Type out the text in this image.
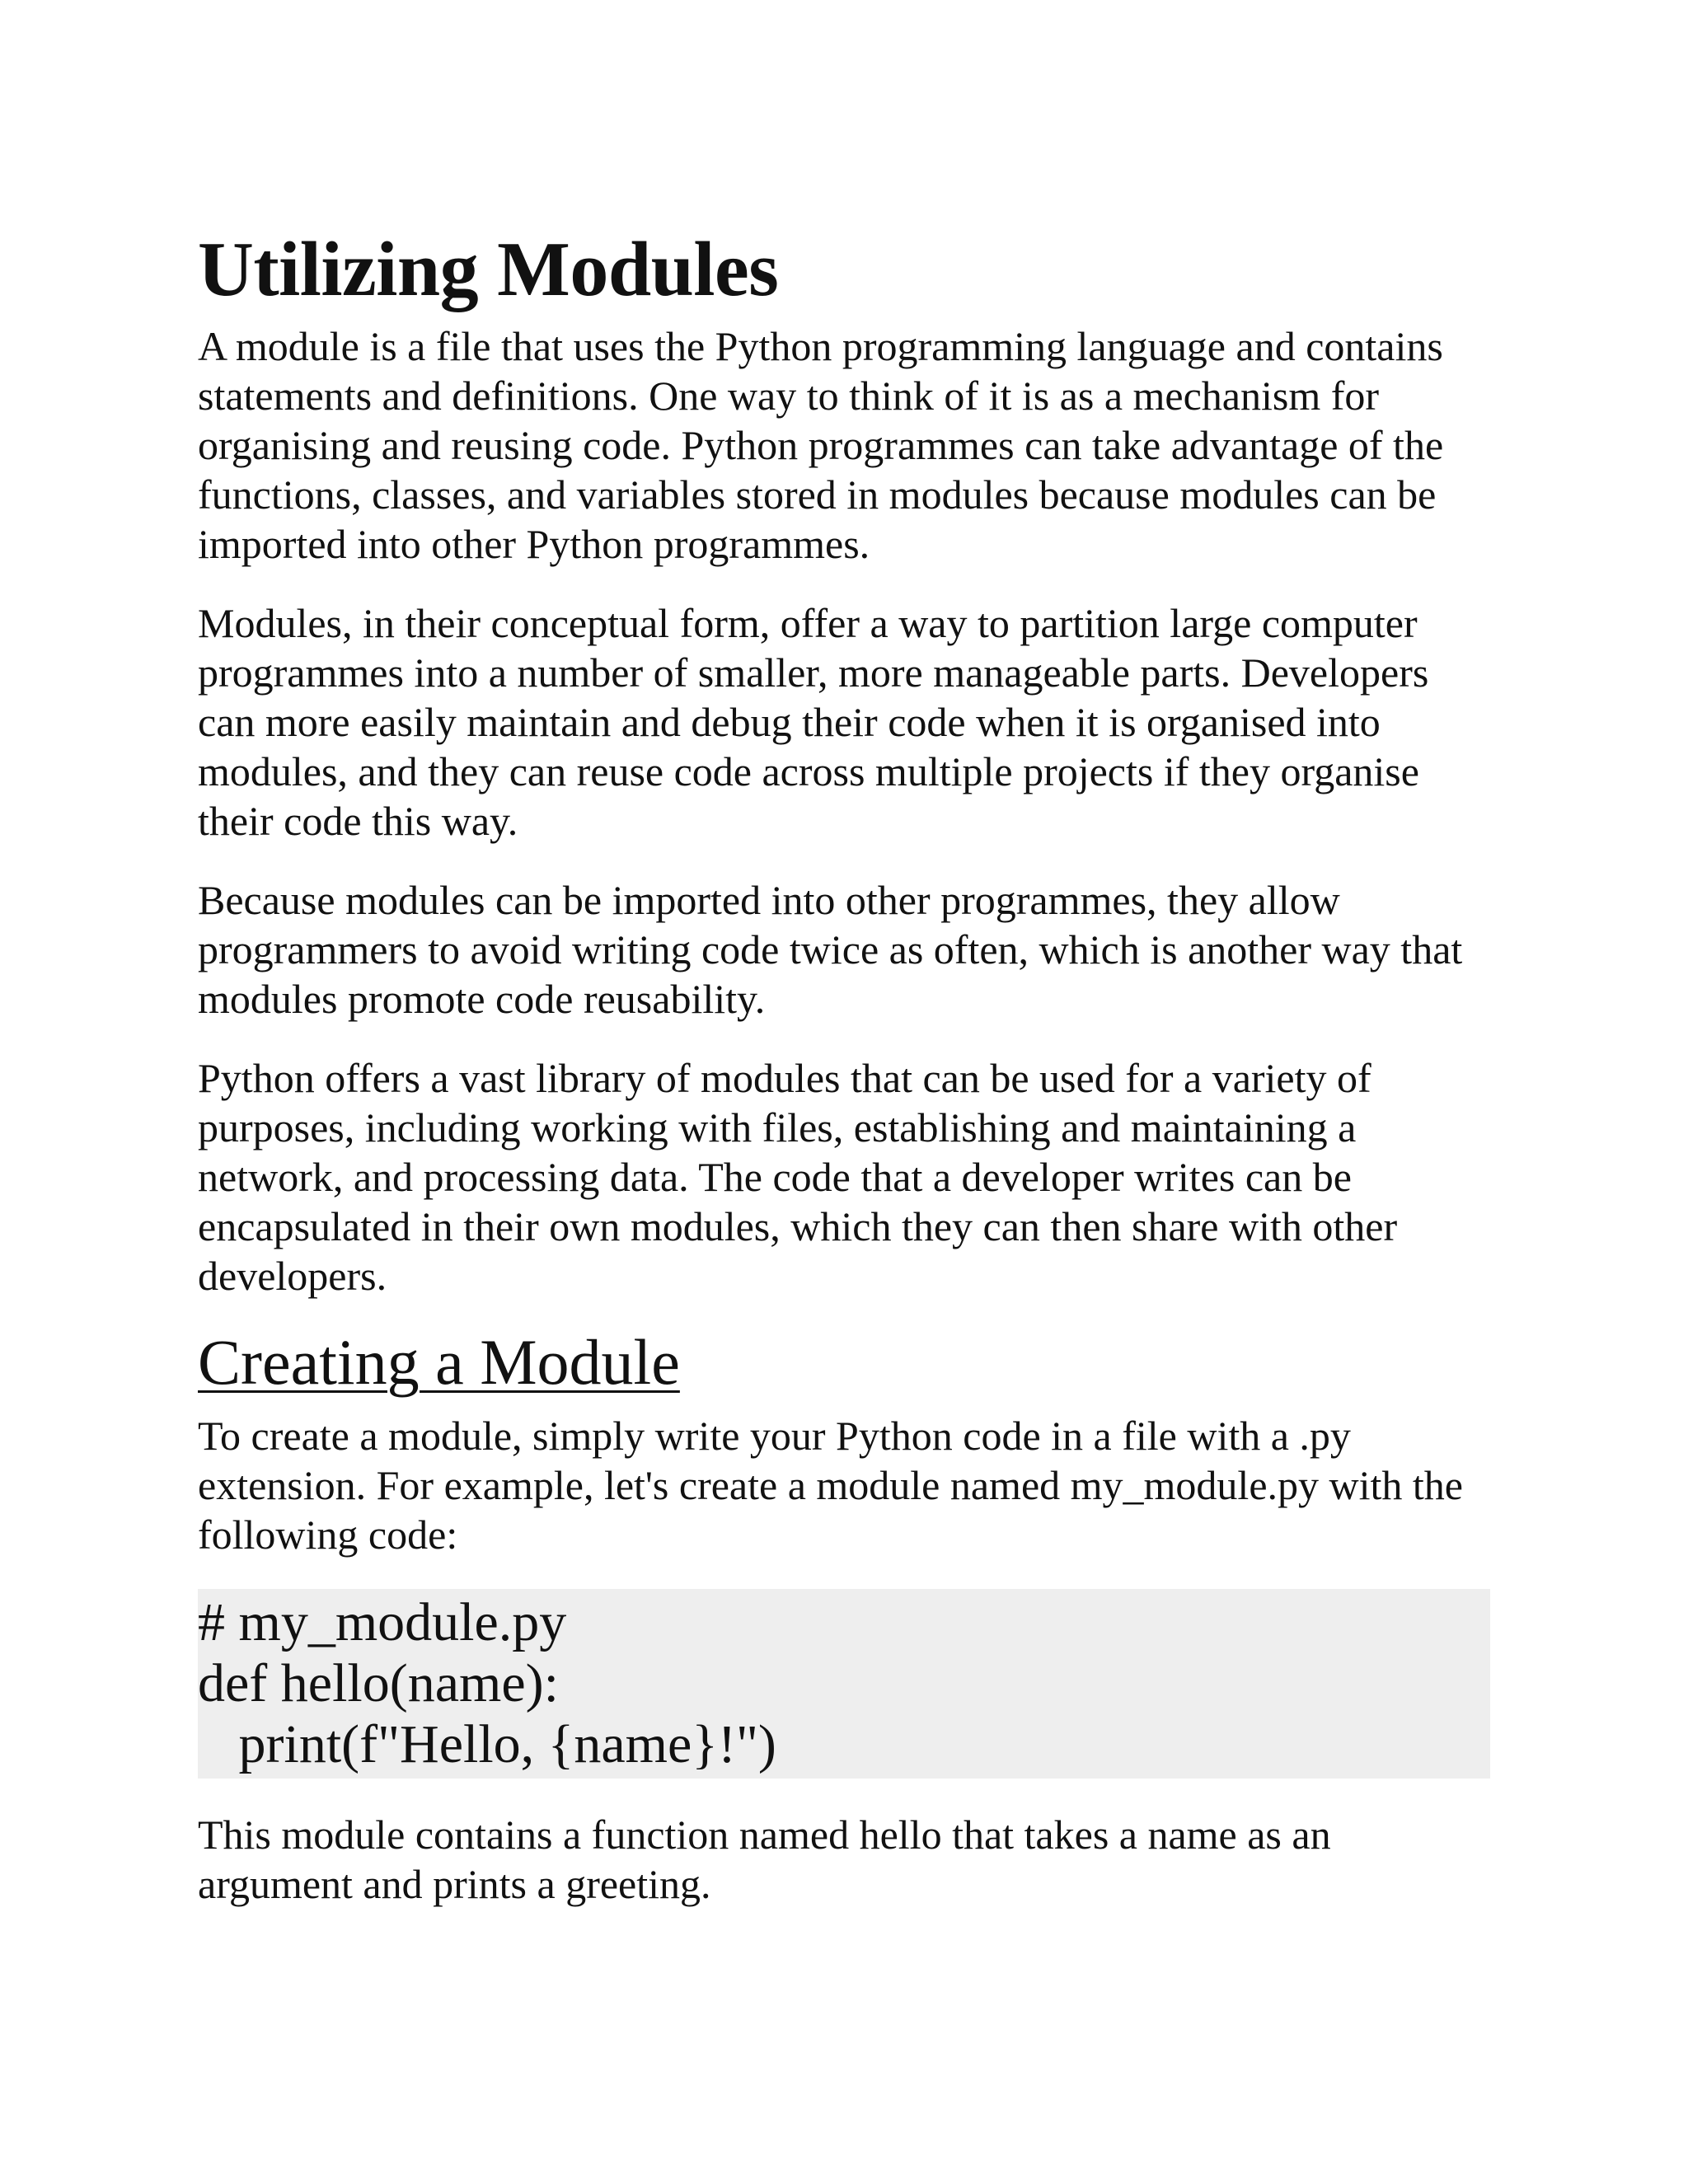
Utilizing Modules

A module is a file that uses the Python programming language and contains statements and definitions. One way to think of it is as a mechanism for organising and reusing code. Python programmes can take advantage of the functions, classes, and variables stored in modules because modules can be imported into other Python programmes.

Modules, in their conceptual form, offer a way to partition large computer programmes into a number of smaller, more manageable parts. Developers can more easily maintain and debug their code when it is organised into modules, and they can reuse code across multiple projects if they organise their code this way.

Because modules can be imported into other programmes, they allow programmers to avoid writing code twice as often, which is another way that modules promote code reusability.

Python offers a vast library of modules that can be used for a variety of purposes, including working with files, establishing and maintaining a network, and processing data. The code that a developer writes can be encapsulated in their own modules, which they can then share with other developers.

Creating a Module

To create a module, simply write your Python code in a file with a .py extension. For example, let's create a module named my_module.py with the following code:

# my_module.py
def hello(name):
print(f"Hello, {name}!")

This module contains a function named hello that takes a name as an argument and prints a greeting.
